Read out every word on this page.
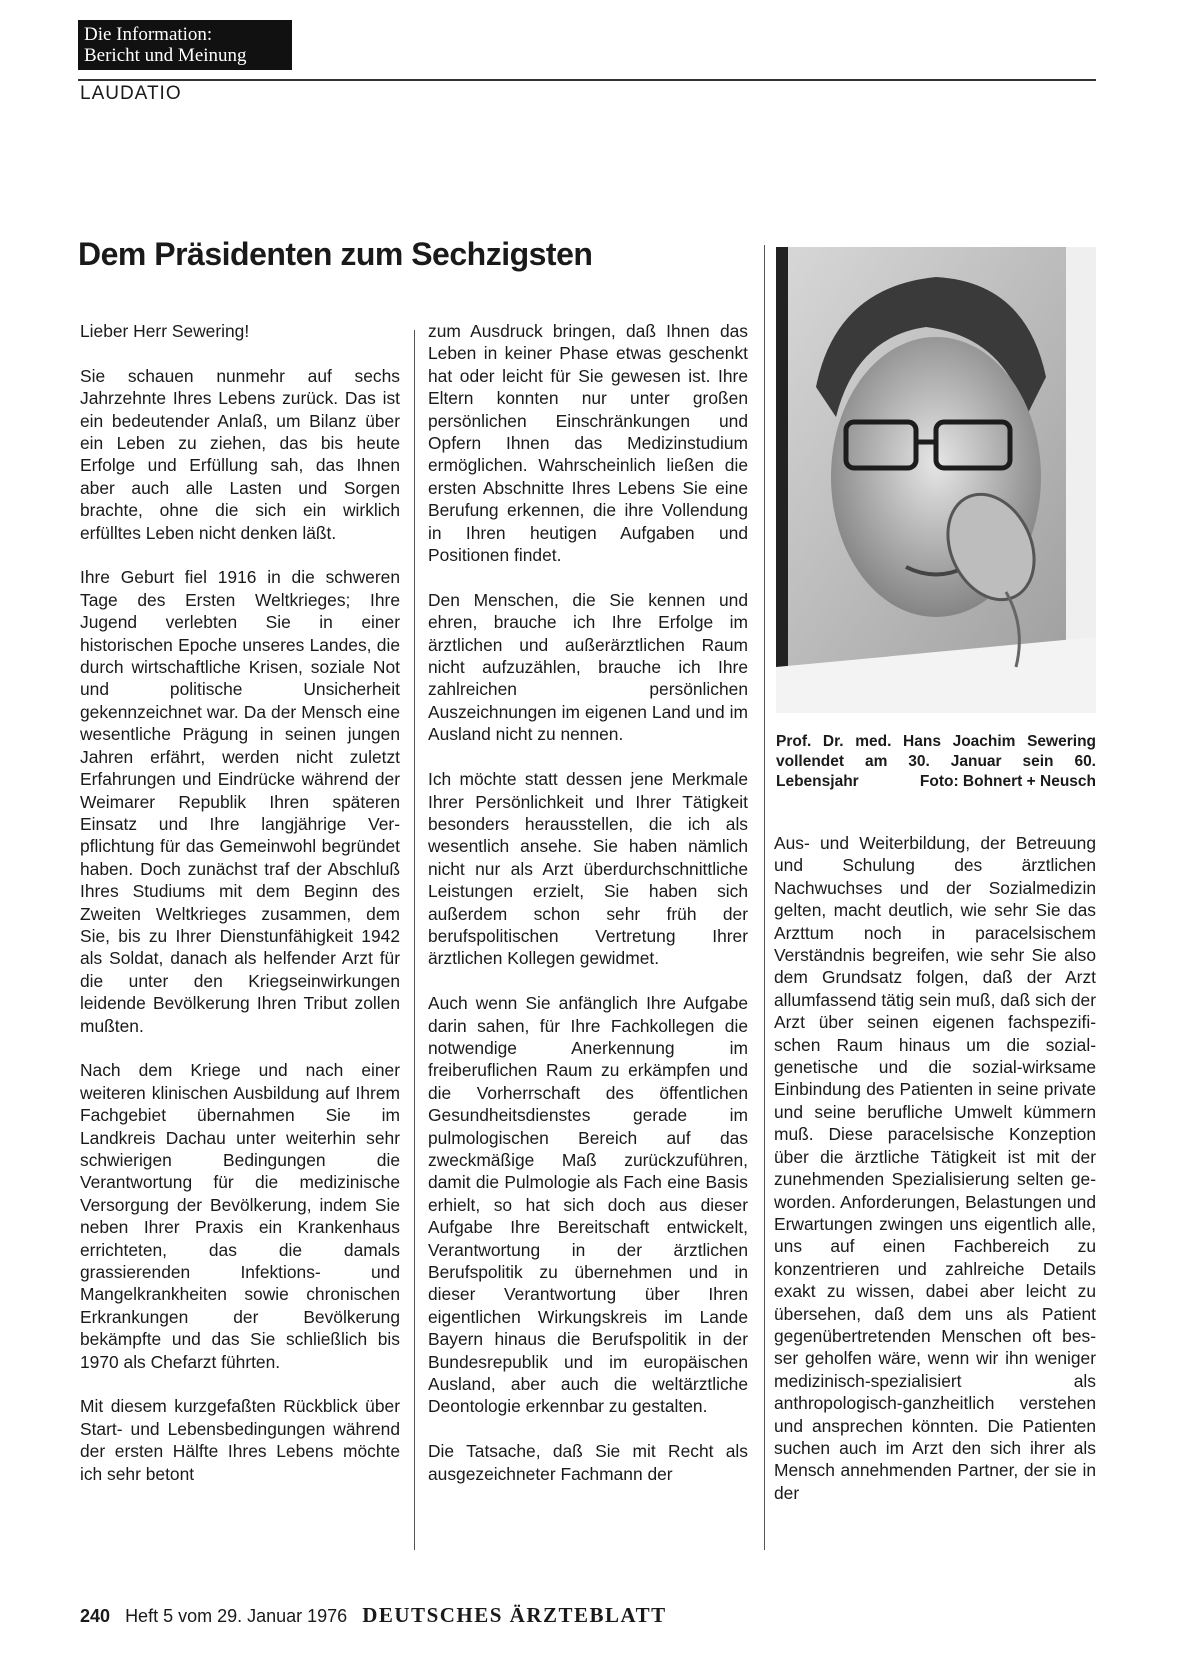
Die Information:
Bericht und Meinung
LAUDATIO
Dem Präsidenten zum Sechzigsten

Lieber Herr Sewering!

Sie schauen nunmehr auf sechs Jahrzehnte Ihres Lebens zurück. Das ist ein bedeutender Anlaß, um Bilanz über ein Leben zu ziehen, das bis heute Erfolge und Erfüllung sah, das Ihnen aber auch alle Lasten und Sorgen brachte, ohne die sich ein wirklich erfülltes Leben nicht denken läßt.

Ihre Geburt fiel 1916 in die schweren Tage des Ersten Weltkrieges; Ihre Jugend verlebten Sie in einer historischen Epoche unseres Landes, die durch wirtschaftliche Krisen, soziale Not und politische Unsicherheit gekennzeichnet war. Da der Mensch eine wesentliche Prägung in seinen jungen Jahren erfährt, werden nicht zuletzt Erfahrungen und Eindrücke während der Weimarer Republik Ihren späteren Einsatz und Ihre langjährige Verpflichtung für das Gemeinwohl begründet haben. Doch zunächst traf der Abschluß Ihres Studiums mit dem Beginn des Zweiten Weltkrieges zusammen, dem Sie, bis zu Ihrer Dienstunfähigkeit 1942 als Soldat, danach als helfender Arzt für die unter den Kriegseinwirkungen leidende Bevölkerung Ihren Tribut zollen mußten.

Nach dem Kriege und nach einer weiteren klinischen Ausbildung auf Ihrem Fachgebiet übernahmen Sie im Landkreis Dachau unter weiterhin sehr schwierigen Bedingungen die Verantwortung für die medizinische Versorgung der Bevölkerung, indem Sie neben Ihrer Praxis ein Krankenhaus errichteten, das die damals grassierenden Infektions- und Mangelkrankheiten sowie chronischen Erkrankungen der Bevölkerung bekämpfte und das Sie schließlich bis 1970 als Chefarzt führten.

Mit diesem kurzgefaßten Rückblick über Start- und Lebensbedingungen während der ersten Hälfte Ihres Lebens möchte ich sehr betont

zum Ausdruck bringen, daß Ihnen das Leben in keiner Phase etwas geschenkt hat oder leicht für Sie gewesen ist. Ihre Eltern konnten nur unter großen persönlichen Einschränkungen und Opfern Ihnen das Medizinstudium ermöglichen. Wahrscheinlich ließen die ersten Abschnitte Ihres Lebens Sie eine Berufung erkennen, die ihre Vollendung in Ihren heutigen Aufgaben und Positionen findet.

Den Menschen, die Sie kennen und ehren, brauche ich Ihre Erfolge im ärztlichen und außerärztlichen Raum nicht aufzuzählen, brauche ich Ihre zahlreichen persönlichen Auszeichnungen im eigenen Land und im Ausland nicht zu nennen.

Ich möchte statt dessen jene Merkmale Ihrer Persönlichkeit und Ihrer Tätigkeit besonders herausstellen, die ich als wesentlich ansehe. Sie haben nämlich nicht nur als Arzt überdurchschnittliche Leistungen erzielt, Sie haben sich außerdem schon sehr früh der berufspolitischen Vertretung Ihrer ärztlichen Kollegen gewidmet.

Auch wenn Sie anfänglich Ihre Aufgabe darin sahen, für Ihre Fachkollegen die notwendige Anerkennung im freiberuflichen Raum zu erkämpfen und die Vorherrschaft des öffentlichen Gesundheitsdienstes gerade im pulmologischen Bereich auf das zweckmäßige Maß zurückzuführen, damit die Pulmologie als Fach eine Basis erhielt, so hat sich doch aus dieser Aufgabe Ihre Bereitschaft entwickelt, Verantwortung in der ärztlichen Berufspolitik zu übernehmen und in dieser Verantwortung über Ihren eigentlichen Wirkungskreis im Lande Bayern hinaus die Berufspolitik in der Bundesrepublik und im europäischen Ausland, aber auch die weltärztliche Deontologie erkennbar zu gestalten.

Die Tatsache, daß Sie mit Recht als ausgezeichneter Fachmann der

Prof. Dr. med. Hans Joachim Sewering vollendet am 30. Januar sein 60. Lebensjahr	Foto: Bohnert + Neusch

Aus- und Weiterbildung, der Betreuung und Schulung des ärztlichen Nachwuchses und der Sozialmedizin gelten, macht deutlich, wie sehr Sie das Arzttum noch in paracelsischem Verständnis begreifen, wie sehr Sie also dem Grundsatz folgen, daß der Arzt allumfassend tätig sein muß, daß sich der Arzt über seinen eigenen fachspezifischen Raum hinaus um die sozialgenetische und die sozial-wirksame Einbindung des Patienten in seine private und seine berufliche Umwelt kümmern muß. Diese paracelsische Konzeption über die ärztliche Tätigkeit ist mit der zunehmenden Spezialisierung selten geworden. Anforderungen, Belastungen und Erwartungen zwingen uns eigentlich alle, uns auf einen Fachbereich zu konzentrieren und zahlreiche Details exakt zu wissen, dabei aber leicht zu übersehen, daß dem uns als Patient gegenübertretenden Menschen oft besser geholfen wäre, wenn wir ihn weniger medizinisch-spezialisiert als anthropologisch-ganzheitlich verstehen und ansprechen könnten. Die Patienten suchen auch im Arzt den sich ihrer als Mensch annehmenden Partner, der sie in der

240 Heft 5 vom 29. Januar 1976 DEUTSCHES ÄRZTEBLATT
